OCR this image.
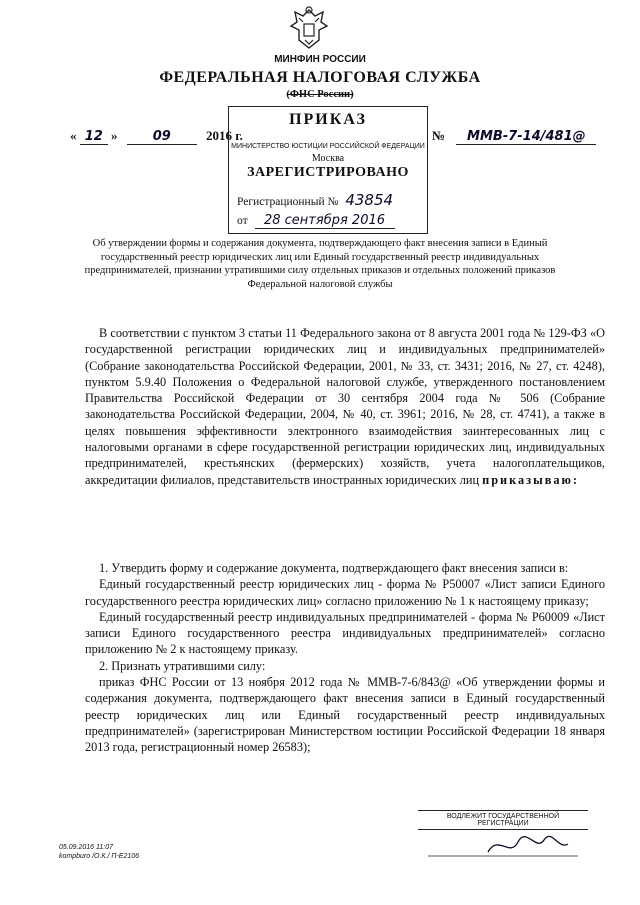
МИНФИН РОССИИ
ФЕДЕРАЛЬНАЯ НАЛОГОВАЯ СЛУЖБА
(ФНС России)
« 12 »	09	2016 г.	№ ММВ-7-14/481@
ПРИКАЗ
МИНИСТЕРСТВО ЮСТИЦИИ РОССИЙСКОЙ ФЕДЕРАЦИИ
Москва
ЗАРЕГИСТРИРОВАНО
Регистрационный № 43854
от 28 сентября 2016
Об утверждении формы и содержания документа, подтверждающего факт внесения записи в Единый государственный реестр юридических лиц или Единый государственный реестр индивидуальных предпринимателей, признании утратившими силу отдельных приказов и отдельных положений приказов Федеральной налоговой службы

В соответствии с пунктом 3 статьи 11 Федерального закона от 8 августа 2001 года № 129-ФЗ «О государственной регистрации юридических лиц и индивидуальных предпринимателей» (Собрание законодательства Российской Федерации, 2001, № 33, ст. 3431; 2016, № 27, ст. 4248), пунктом 5.9.40 Положения о Федеральной налоговой службе, утвержденного постановлением Правительства Российской Федерации от 30 сентября 2004 года № 506 (Собрание законодательства Российской Федерации, 2004, № 40, ст. 3961; 2016, № 28, ст. 4741), а также в целях повышения эффективности электронного взаимодействия заинтересованных лиц с налоговыми органами в сфере государственной регистрации юридических лиц, индивидуальных предпринимателей, крестьянских (фермерских) хозяйств, учета налогоплательщиков, аккредитации филиалов, представительств иностранных юридических лиц приказываю:

1. Утвердить форму и содержание документа, подтверждающего факт внесения записи в:

Единый государственный реестр юридических лиц - форма № Р50007 «Лист записи Единого государственного реестра юридических лиц» согласно приложению № 1 к настоящему приказу;

Единый государственный реестр индивидуальных предпринимателей - форма № Р60009 «Лист записи Единого государственного реестра индивидуальных предпринимателей» согласно приложению № 2 к настоящему приказу.

2. Признать утратившими силу:

приказ ФНС России от 13 ноября 2012 года № ММВ-7-6/843@ «Об утверждении формы и содержания документа, подтверждающего факт внесения записи в Единый государственный реестр юридических лиц или Единый государственный реестр индивидуальных предпринимателей» (зарегистрирован Министерством юстиции Российской Федерации 18 января 2013 года, регистрационный номер 26583);

ВОДЛЕЖИТ ГОСУДАРСТВЕННОЙ
РЕГИСТРАЦИИ
05.09.2016 11:07
kompburo /О.К./ П-Е2106
